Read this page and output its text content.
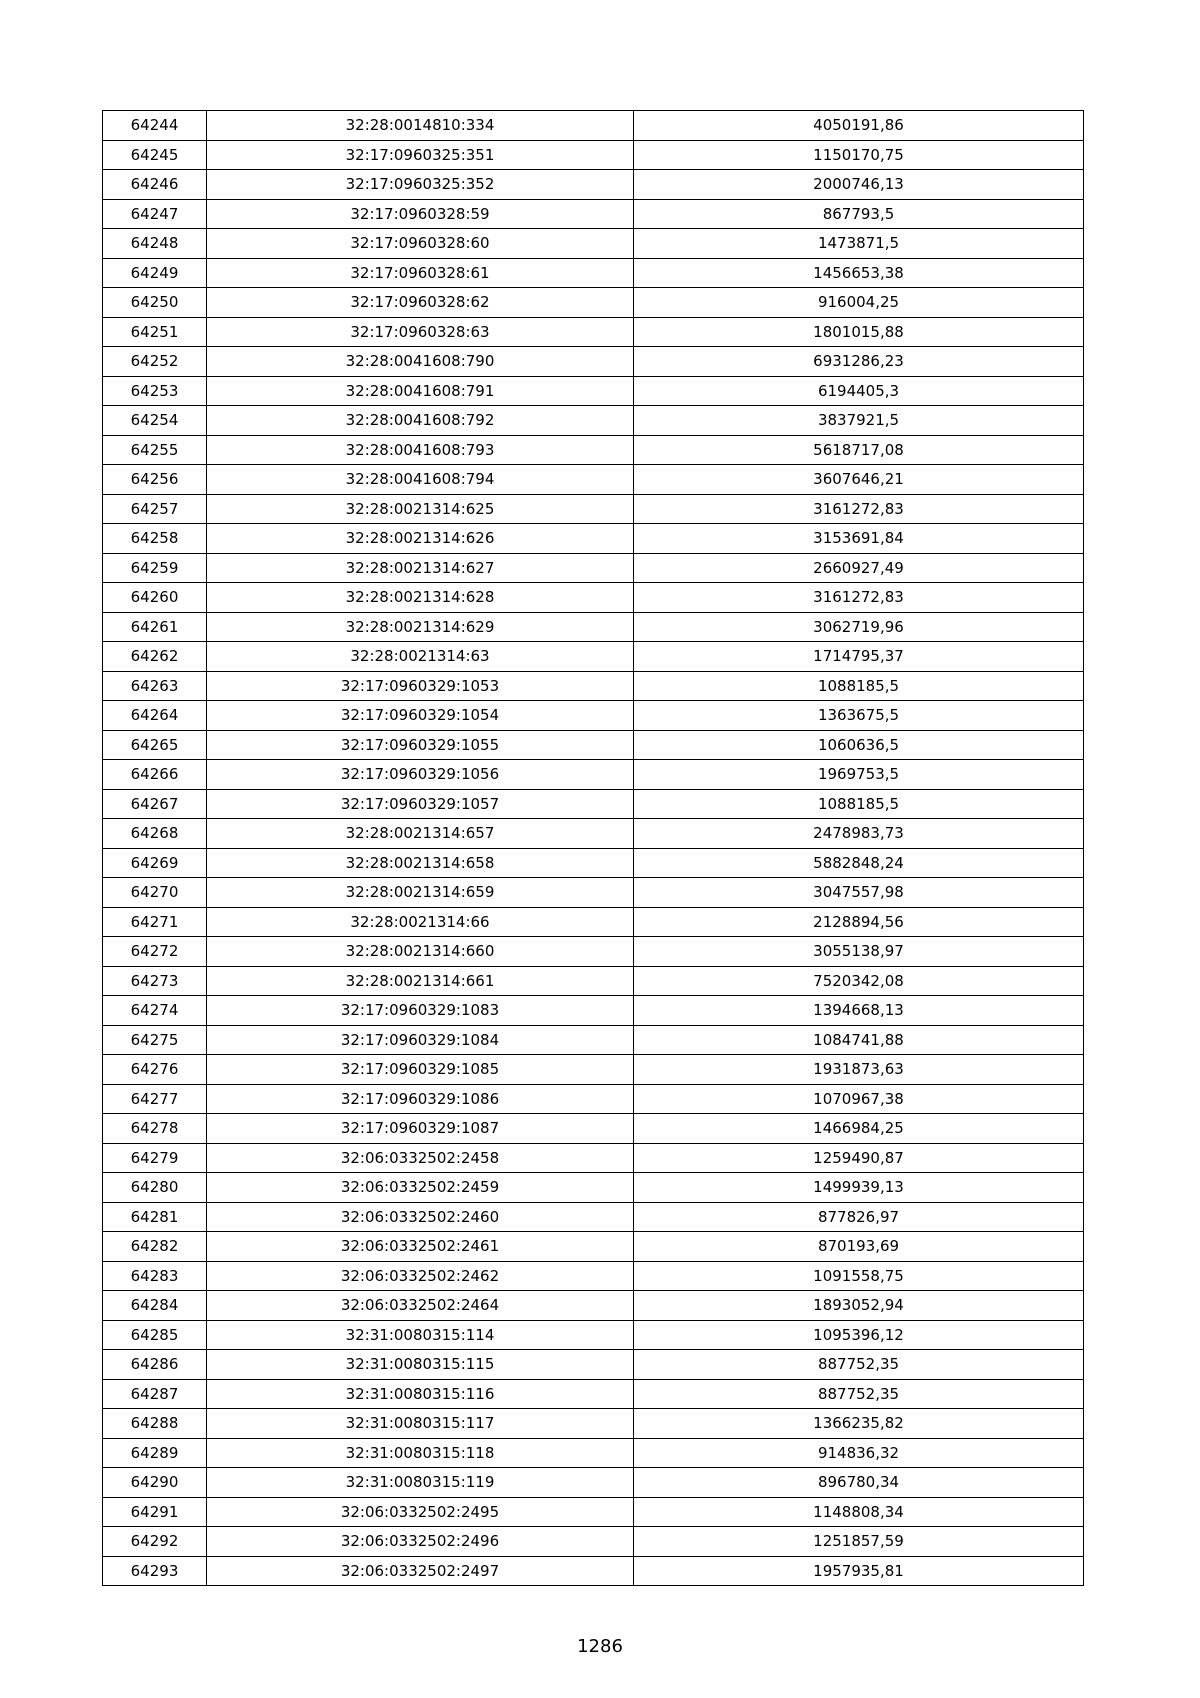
64244	32:28:0014810:334	4050191,86
64245	32:17:0960325:351	1150170,75
64246	32:17:0960325:352	2000746,13
64247	32:17:0960328:59	867793,5
64248	32:17:0960328:60	1473871,5
64249	32:17:0960328:61	1456653,38
64250	32:17:0960328:62	916004,25
64251	32:17:0960328:63	1801015,88
64252	32:28:0041608:790	6931286,23
64253	32:28:0041608:791	6194405,3
64254	32:28:0041608:792	3837921,5
64255	32:28:0041608:793	5618717,08
64256	32:28:0041608:794	3607646,21
64257	32:28:0021314:625	3161272,83
64258	32:28:0021314:626	3153691,84
64259	32:28:0021314:627	2660927,49
64260	32:28:0021314:628	3161272,83
64261	32:28:0021314:629	3062719,96
64262	32:28:0021314:63	1714795,37
64263	32:17:0960329:1053	1088185,5
64264	32:17:0960329:1054	1363675,5
64265	32:17:0960329:1055	1060636,5
64266	32:17:0960329:1056	1969753,5
64267	32:17:0960329:1057	1088185,5
64268	32:28:0021314:657	2478983,73
64269	32:28:0021314:658	5882848,24
64270	32:28:0021314:659	3047557,98
64271	32:28:0021314:66	2128894,56
64272	32:28:0021314:660	3055138,97
64273	32:28:0021314:661	7520342,08
64274	32:17:0960329:1083	1394668,13
64275	32:17:0960329:1084	1084741,88
64276	32:17:0960329:1085	1931873,63
64277	32:17:0960329:1086	1070967,38
64278	32:17:0960329:1087	1466984,25
64279	32:06:0332502:2458	1259490,87
64280	32:06:0332502:2459	1499939,13
64281	32:06:0332502:2460	877826,97
64282	32:06:0332502:2461	870193,69
64283	32:06:0332502:2462	1091558,75
64284	32:06:0332502:2464	1893052,94
64285	32:31:0080315:114	1095396,12
64286	32:31:0080315:115	887752,35
64287	32:31:0080315:116	887752,35
64288	32:31:0080315:117	1366235,82
64289	32:31:0080315:118	914836,32
64290	32:31:0080315:119	896780,34
64291	32:06:0332502:2495	1148808,34
64292	32:06:0332502:2496	1251857,59
64293	32:06:0332502:2497	1957935,81
1286
